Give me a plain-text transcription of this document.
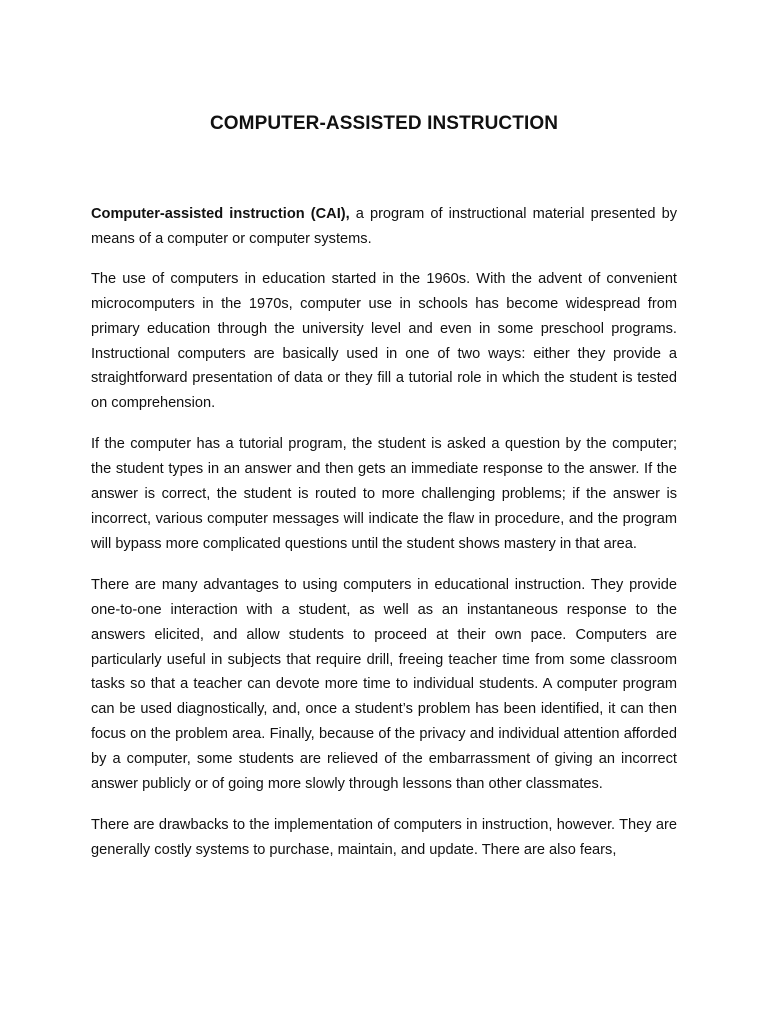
COMPUTER-ASSISTED INSTRUCTION

Computer-assisted instruction (CAI), a program of instructional material presented by means of a computer or computer systems.

The use of computers in education started in the 1960s. With the advent of convenient microcomputers in the 1970s, computer use in schools has become widespread from primary education through the university level and even in some preschool programs. Instructional computers are basically used in one of two ways: either they provide a straightforward presentation of data or they fill a tutorial role in which the student is tested on comprehension.

If the computer has a tutorial program, the student is asked a question by the computer; the student types in an answer and then gets an immediate response to the answer. If the answer is correct, the student is routed to more challenging problems; if the answer is incorrect, various computer messages will indicate the flaw in procedure, and the program will bypass more complicated questions until the student shows mastery in that area.

There are many advantages to using computers in educational instruction. They provide one-to-one interaction with a student, as well as an instantaneous response to the answers elicited, and allow students to proceed at their own pace. Computers are particularly useful in subjects that require drill, freeing teacher time from some classroom tasks so that a teacher can devote more time to individual students. A computer program can be used diagnostically, and, once a student’s problem has been identified, it can then focus on the problem area. Finally, because of the privacy and individual attention afforded by a computer, some students are relieved of the embarrassment of giving an incorrect answer publicly or of going more slowly through lessons than other classmates.

There are drawbacks to the implementation of computers in instruction, however. They are generally costly systems to purchase, maintain, and update. There are also fears,
